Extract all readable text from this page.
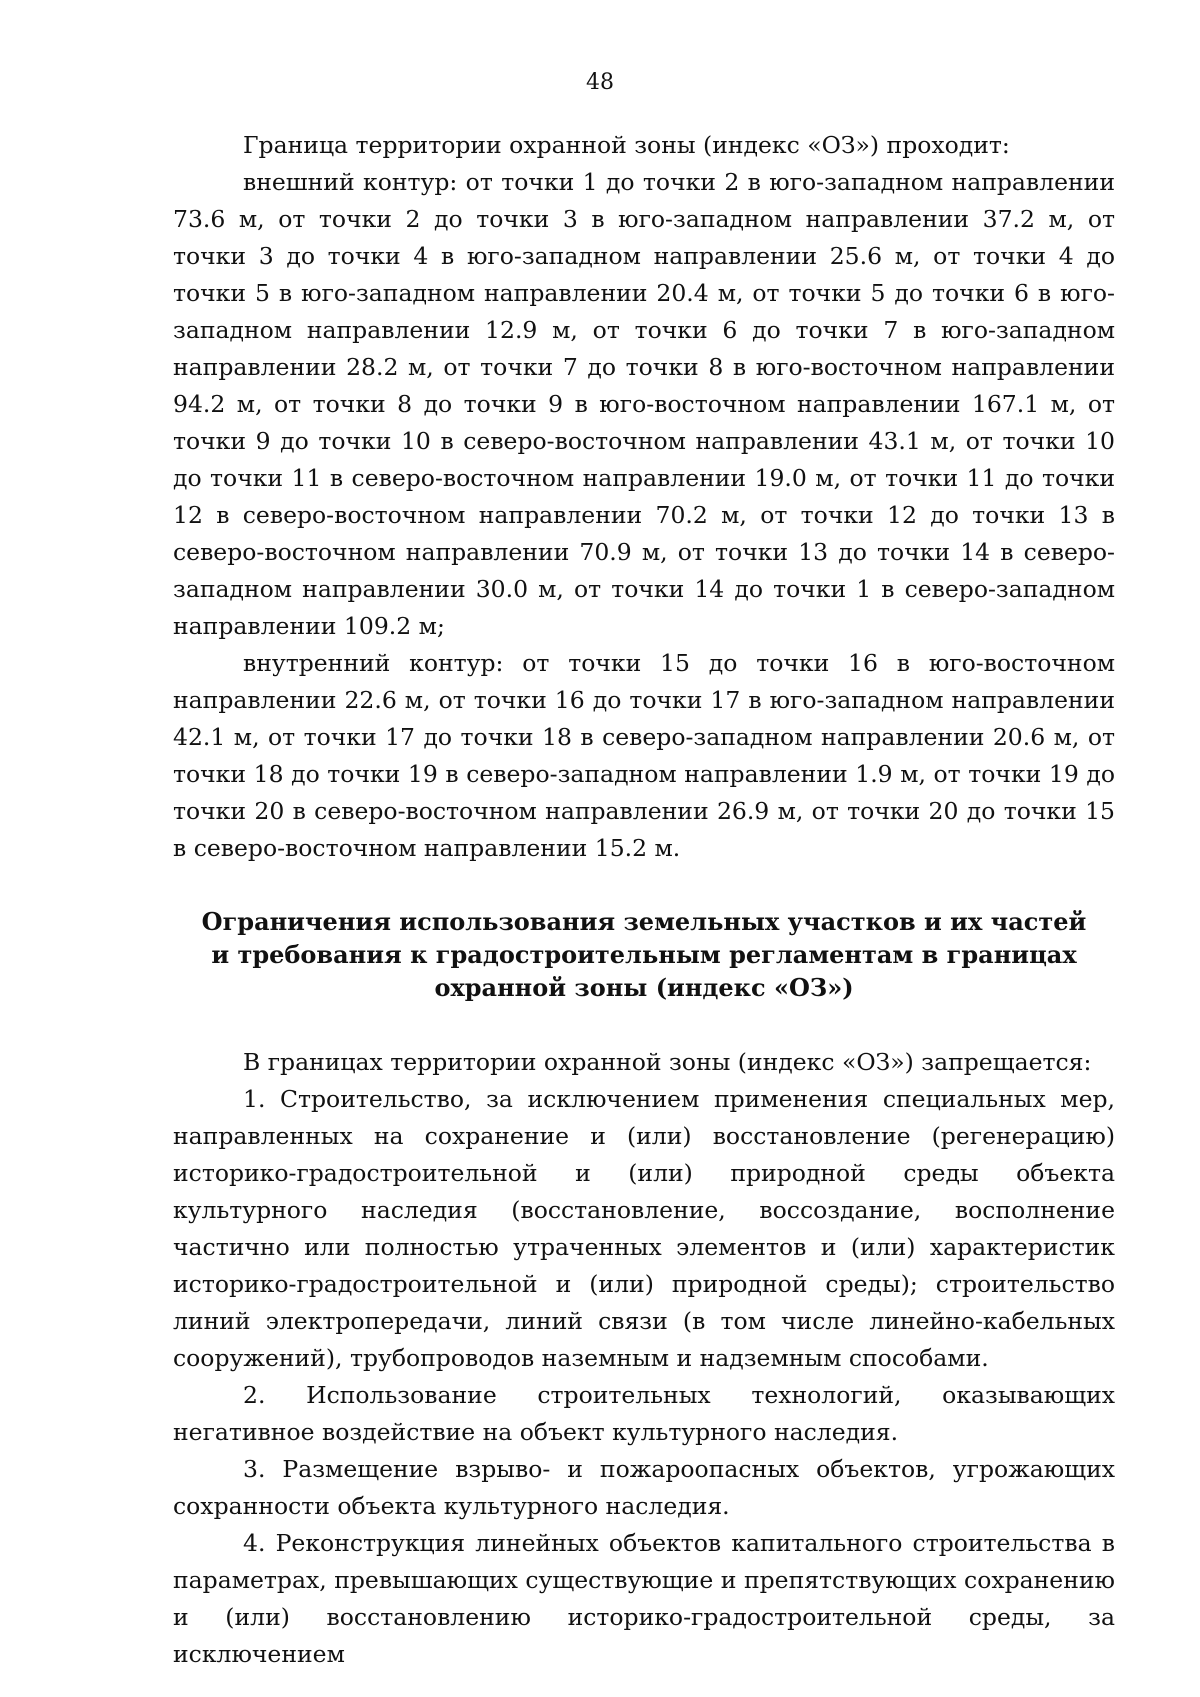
48

Граница территории охранной зоны (индекс «ОЗ») проходит:

внешний контур: от точки 1 до точки 2 в юго-западном направлении 73.6 м, от точки 2 до точки 3 в юго-западном направлении 37.2 м, от точки 3 до точки 4 в юго-западном направлении 25.6 м, от точки 4 до точки 5 в юго-западном направлении 20.4 м, от точки 5 до точки 6 в юго-западном направлении 12.9 м, от точки 6 до точки 7 в юго-западном направлении 28.2 м, от точки 7 до точки 8 в юго-восточном направлении 94.2 м, от точки 8 до точки 9 в юго-восточном направлении 167.1 м, от точки 9 до точки 10 в северо-восточном направлении 43.1 м, от точки 10 до точки 11 в северо-восточном направлении 19.0 м, от точки 11 до точки 12 в северо-восточном направлении 70.2 м, от точки 12 до точки 13 в северо-восточном направлении 70.9 м, от точки 13 до точки 14 в северо-западном направлении 30.0 м, от точки 14 до точки 1 в северо-западном направлении 109.2 м;

внутренний контур: от точки 15 до точки 16 в юго-восточном направлении 22.6 м, от точки 16 до точки 17 в юго-западном направлении 42.1 м, от точки 17 до точки 18 в северо-западном направлении 20.6 м, от точки 18 до точки 19 в северо-западном направлении 1.9 м, от точки 19 до точки 20 в северо-восточном направлении 26.9 м, от точки 20 до точки 15 в северо-восточном направлении 15.2 м.

Ограничения использования земельных участков и их частей
и требования к градостроительным регламентам в границах
охранной зоны (индекс «ОЗ»)

В границах территории охранной зоны (индекс «ОЗ») запрещается:

1. Строительство, за исключением применения специальных мер, направленных на сохранение и (или) восстановление (регенерацию) историко-градостроительной и (или) природной среды объекта культурного наследия (восстановление, воссоздание, восполнение частично или полностью утраченных элементов и (или) характеристик историко-градостроительной и (или) природной среды); строительство линий электропередачи, линий связи (в том числе линейно-кабельных сооружений), трубопроводов наземным и надземным способами.

2. Использование строительных технологий, оказывающих негативное воздействие на объект культурного наследия.

3. Размещение взрыво- и пожароопасных объектов, угрожающих сохранности объекта культурного наследия.

4. Реконструкция линейных объектов капитального строительства в параметрах, превышающих существующие и препятствующих сохранению и (или) восстановлению историко-градостроительной среды, за исключением
